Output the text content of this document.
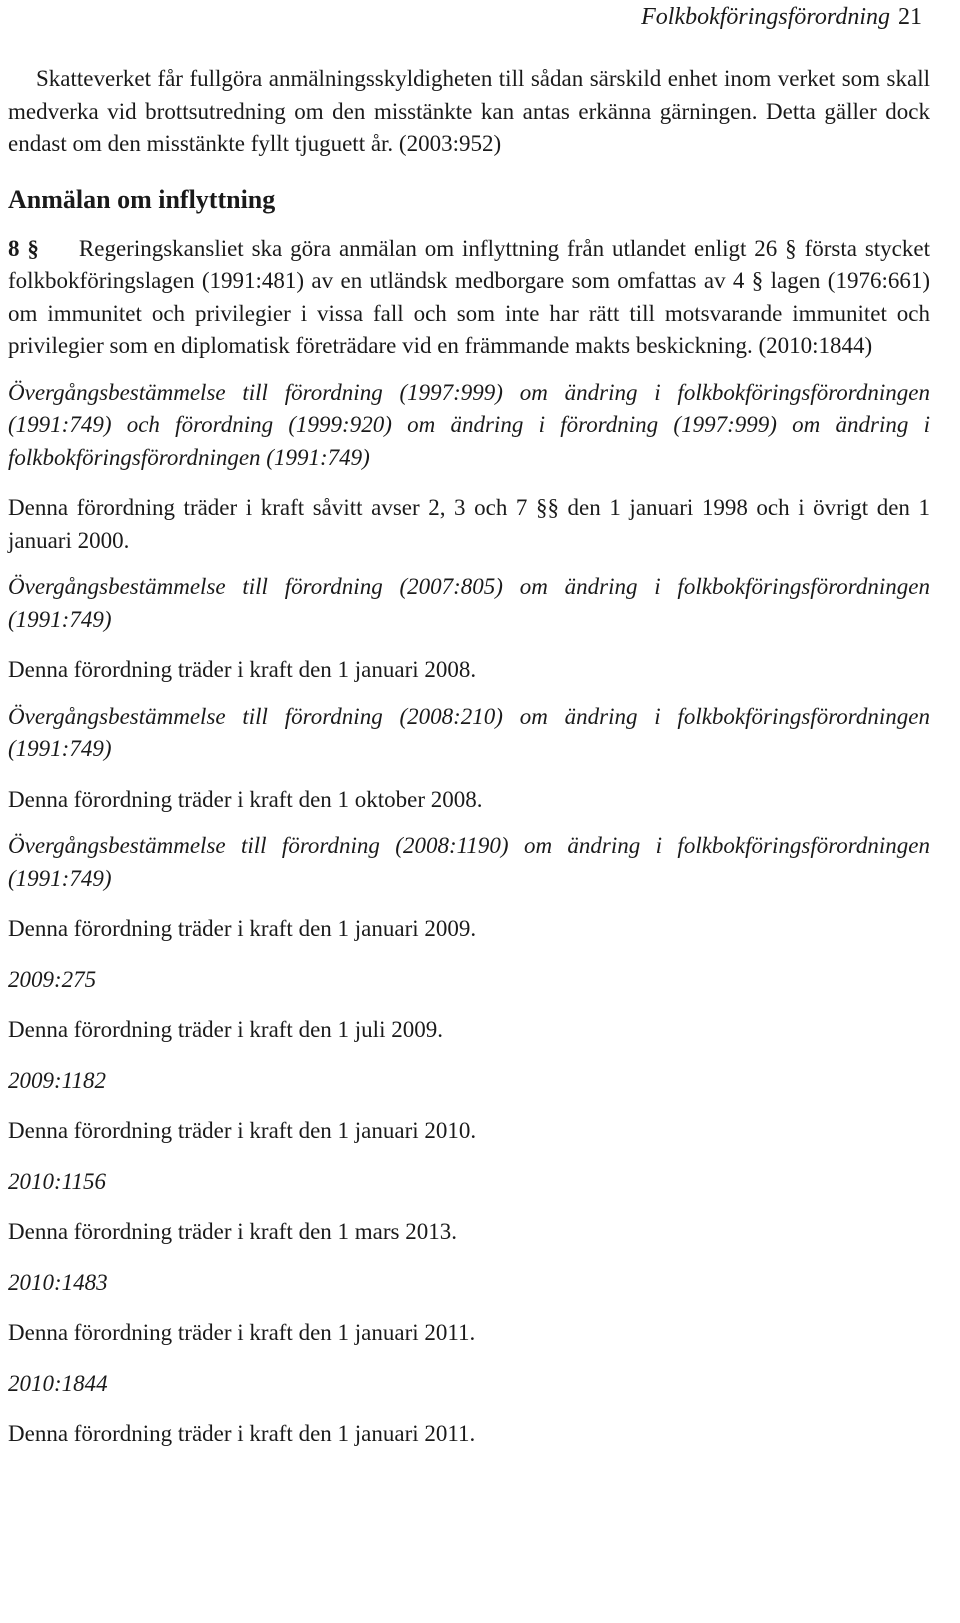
Folkbokföringsförordning 21

Skatteverket får fullgöra anmälningsskyldigheten till sådan särskild enhet inom verket som skall medverka vid brottsutredning om den misstänkte kan antas erkänna gärningen. Detta gäller dock endast om den misstänkte fyllt tjuguett år. (2003:952)

Anmälan om inflyttning

8 § Regeringskansliet ska göra anmälan om inflyttning från utlandet enligt 26 § första stycket folkbokföringslagen (1991:481) av en utländsk medborgare som omfattas av 4 § lagen (1976:661) om immunitet och privilegier i vissa fall och som inte har rätt till motsvarande immunitet och privilegier som en diplomatisk företrädare vid en främmande makts beskickning. (2010:1844)

Övergångsbestämmelse till förordning (1997:999) om ändring i folkbokföringsförordningen (1991:749) och förordning (1999:920) om ändring i förordning (1997:999) om ändring i folkbokföringsförordningen (1991:749)

Denna förordning träder i kraft såvitt avser 2, 3 och 7 §§ den 1 januari 1998 och i övrigt den 1 januari 2000.

Övergångsbestämmelse till förordning (2007:805) om ändring i folkbokföringsförordningen (1991:749)

Denna förordning träder i kraft den 1 januari 2008.

Övergångsbestämmelse till förordning (2008:210) om ändring i folkbokföringsförordningen (1991:749)

Denna förordning träder i kraft den 1 oktober 2008.

Övergångsbestämmelse till förordning (2008:1190) om ändring i folkbokföringsförordningen (1991:749)

Denna förordning träder i kraft den 1 januari 2009.

2009:275

Denna förordning träder i kraft den 1 juli 2009.

2009:1182

Denna förordning träder i kraft den 1 januari 2010.

2010:1156

Denna förordning träder i kraft den 1 mars 2013.

2010:1483

Denna förordning träder i kraft den 1 januari 2011.

2010:1844

Denna förordning träder i kraft den 1 januari 2011.
